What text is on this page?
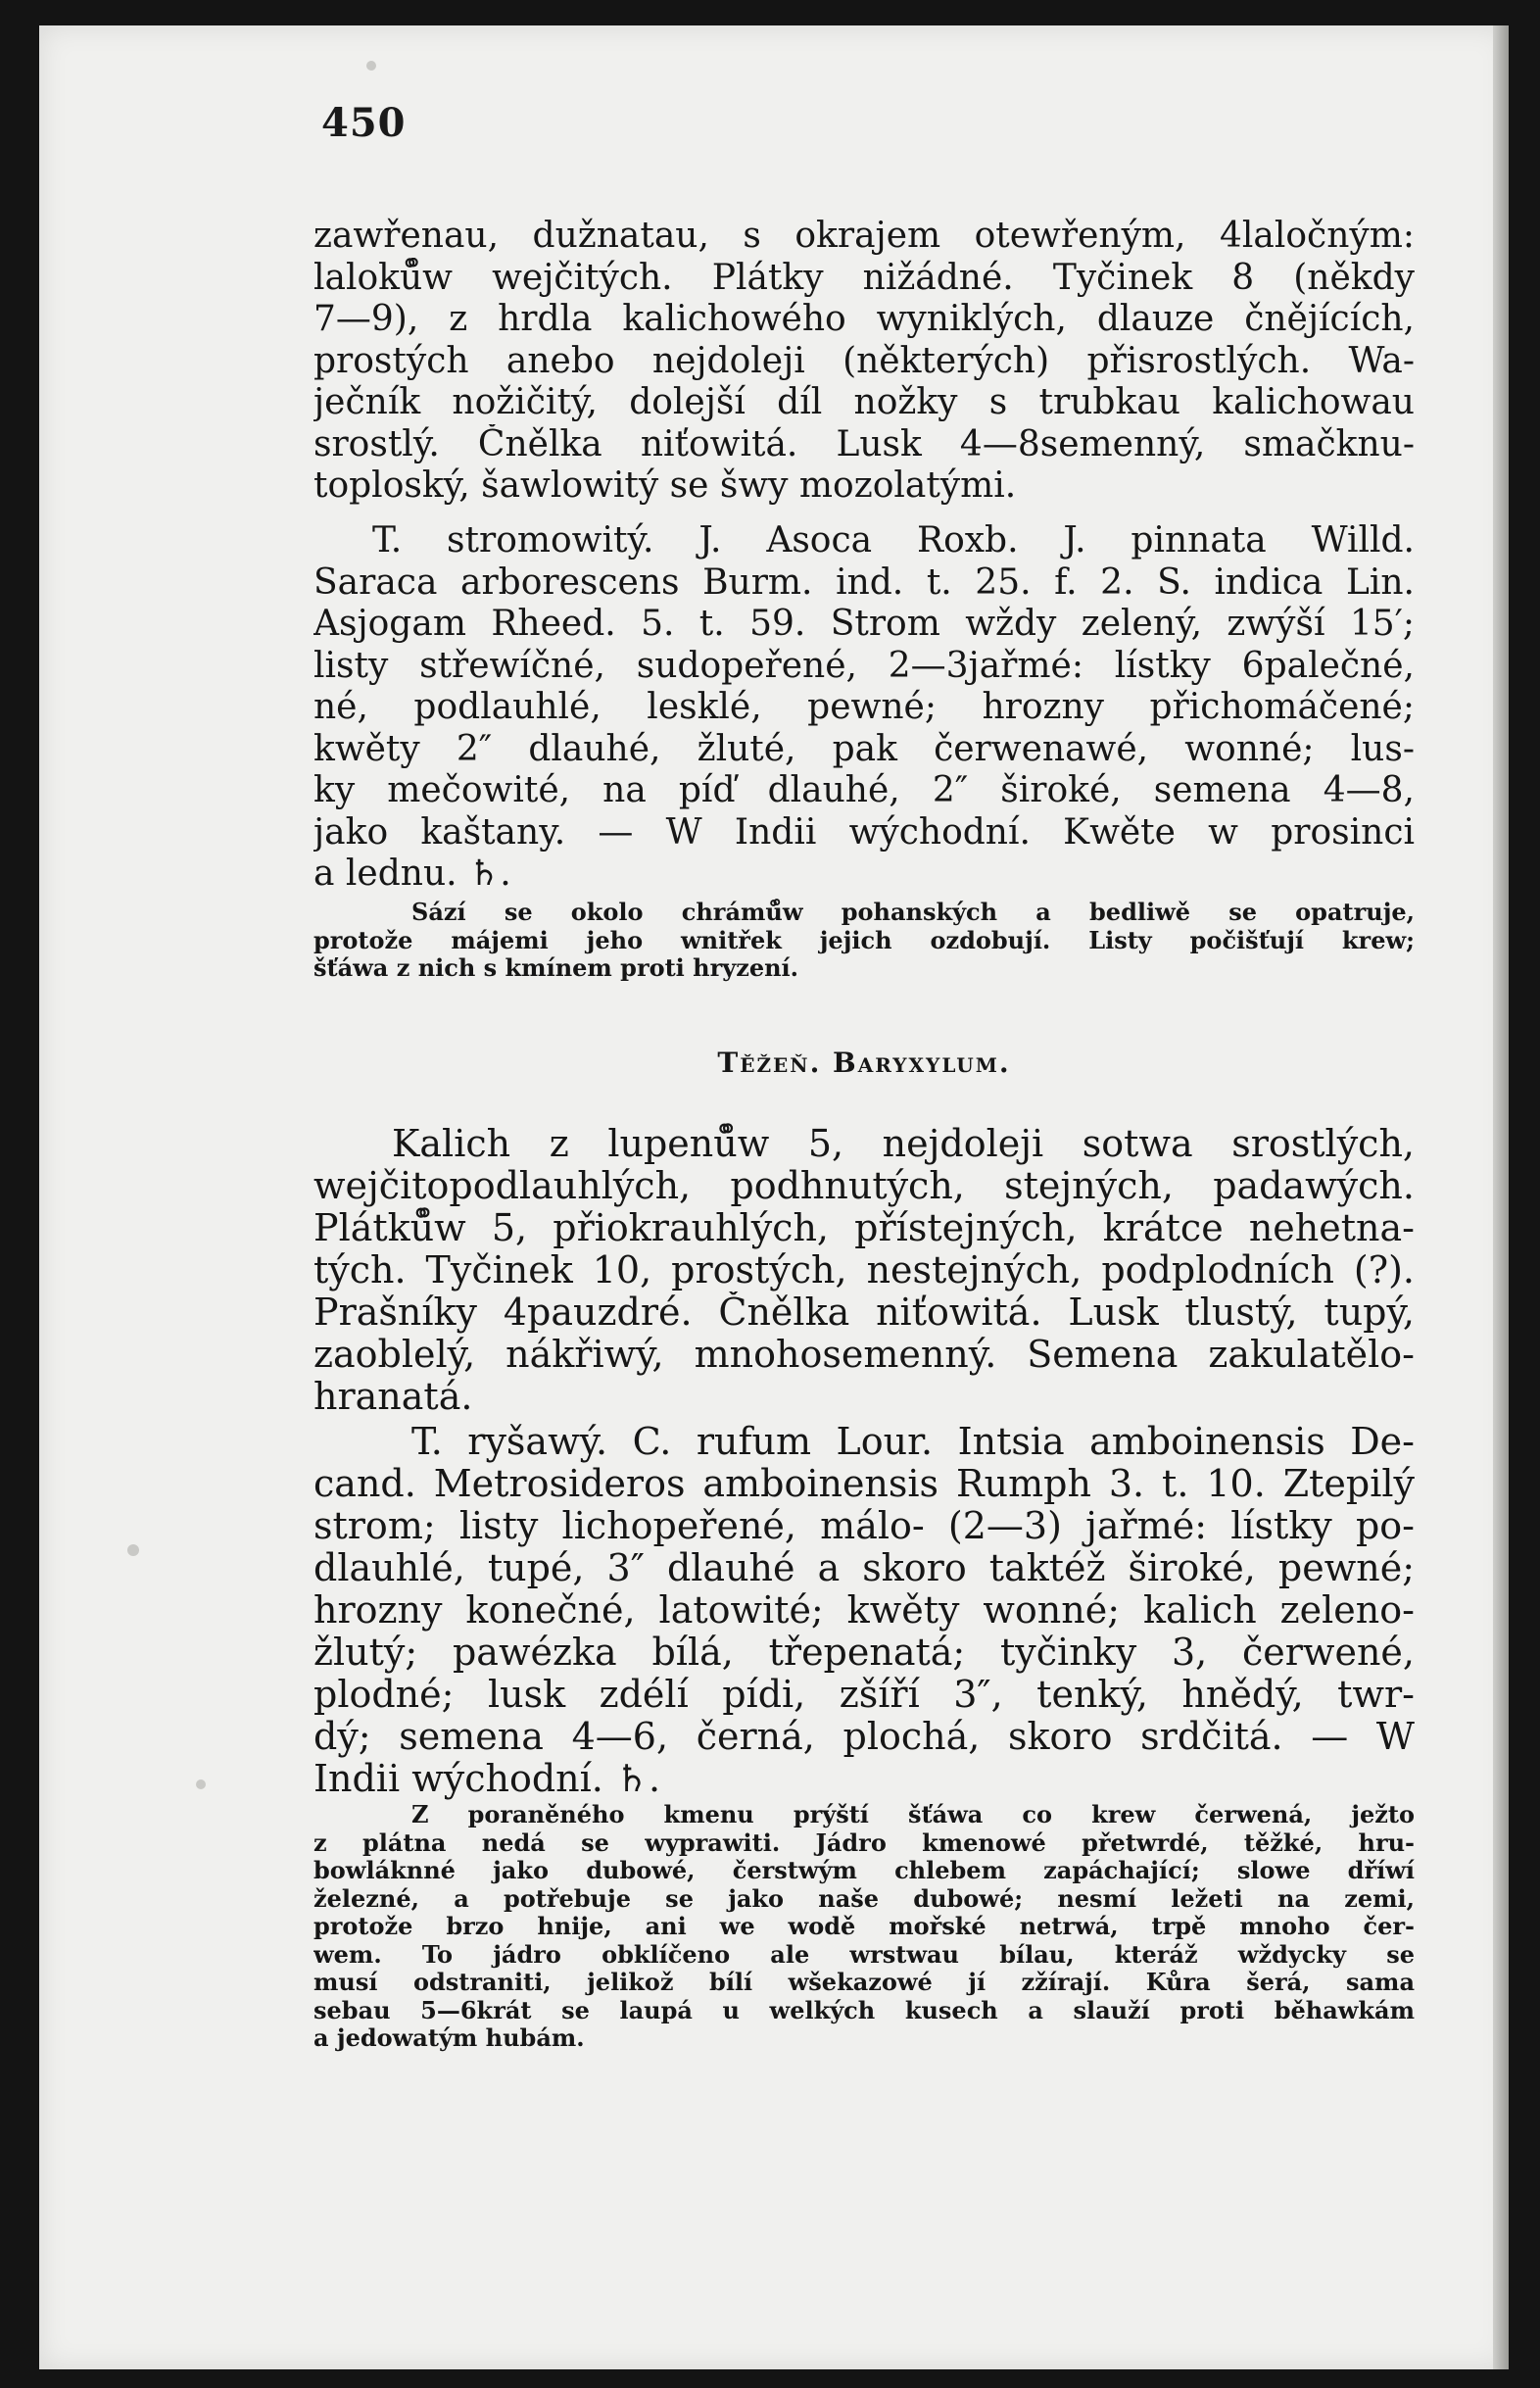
450
zawřenau, dužnatau, s okrajem otewřeným, 4laločným:
laloků̊w wejčitých. Plátky nižádné. Tyčinek 8 (někdy
7—9), z hrdla kalichowého wyniklých, dlauze čnějících,
prostých anebo nejdoleji (některých) přisrostlých. Wa-
ječník nožičitý, dolejší díl nožky s trubkau kalichowau
srostlý. Čnělka niťowitá. Lusk 4—8semenný, smačknu-
toploský, šawlowitý se šwy mozolatými.
T. stromowitý. J. Asoca Roxb. J. pinnata Willd.
Saraca arborescens Burm. ind. t. 25. f. 2. S. indica Lin.
Asjogam Rheed. 5. t. 59. Strom wždy zelený, zwýší 15′;
listy střewíčné, sudopeřené, 2—3jařmé: lístky 6palečné,
né, podlauhlé, lesklé, pewné; hrozny přichomáčené;
kwěty 2″ dlauhé, žluté, pak čerwenawé, wonné; lus-
ky mečowité, na píď dlauhé, 2″ široké, semena 4—8,
jako kaštany. — W Indii wýchodní. Kwěte w prosinci
a lednu. ♄.
Sází se okolo chrámů̊w pohanských a bedliwě se opatruje,
protože májemi jeho wnitřek jejich ozdobují. Listy počišťují krew;
šťáwa z nich s kmínem proti hryzení.
Těžeň. Baryxylum.
Kalich z lupenů̊w 5, nejdoleji sotwa srostlých,
wejčitopodlauhlých, podhnutých, stejných, padawých.
Plátků̊w 5, přiokrauhlých, přístejných, krátce nehetna-
tých. Tyčinek 10, prostých, nestejných, podplodních (?).
Prašníky 4pauzdré. Čnělka niťowitá. Lusk tlustý, tupý,
zaoblelý, nákřiwý, mnohosemenný. Semena zakulatělo-
hranatá.
T. ryšawý. C. rufum Lour. Intsia amboinensis De-
cand. Metrosideros amboinensis Rumph 3. t. 10. Ztepilý
strom; listy lichopeřené, málo- (2—3) jařmé: lístky po-
dlauhlé, tupé, 3″ dlauhé a skoro taktéž široké, pewné;
hrozny konečné, latowité; kwěty wonné; kalich zeleno-
žlutý; pawézka bílá, třepenatá; tyčinky 3, čerwené,
plodné; lusk zdélí pídi, zšíří 3″, tenký, hnědý, twr-
dý; semena 4—6, černá, plochá, skoro srdčitá. — W
Indii wýchodní. ♄.
Z poraněného kmenu prýští šťáwa co krew čerwená, ježto
z plátna nedá se wyprawiti. Jádro kmenowé přetwrdé, těžké, hru-
bowláknné jako dubowé, čerstwým chlebem zapáchající; slowe dříwí
železné, a potřebuje se jako naše dubowé; nesmí ležeti na zemi,
protože brzo hnije, ani we wodě mořské netrwá, trpě mnoho čer-
wem. To jádro obklíčeno ale wrstwau bílau, kteráž wždycky se
musí odstraniti, jelikož bílí wšekazowé jí zžírají. Kůra šerá, sama
sebau 5—6krát se laupá u welkých kusech a slauží proti běhawkám
a jedowatým hubám.
